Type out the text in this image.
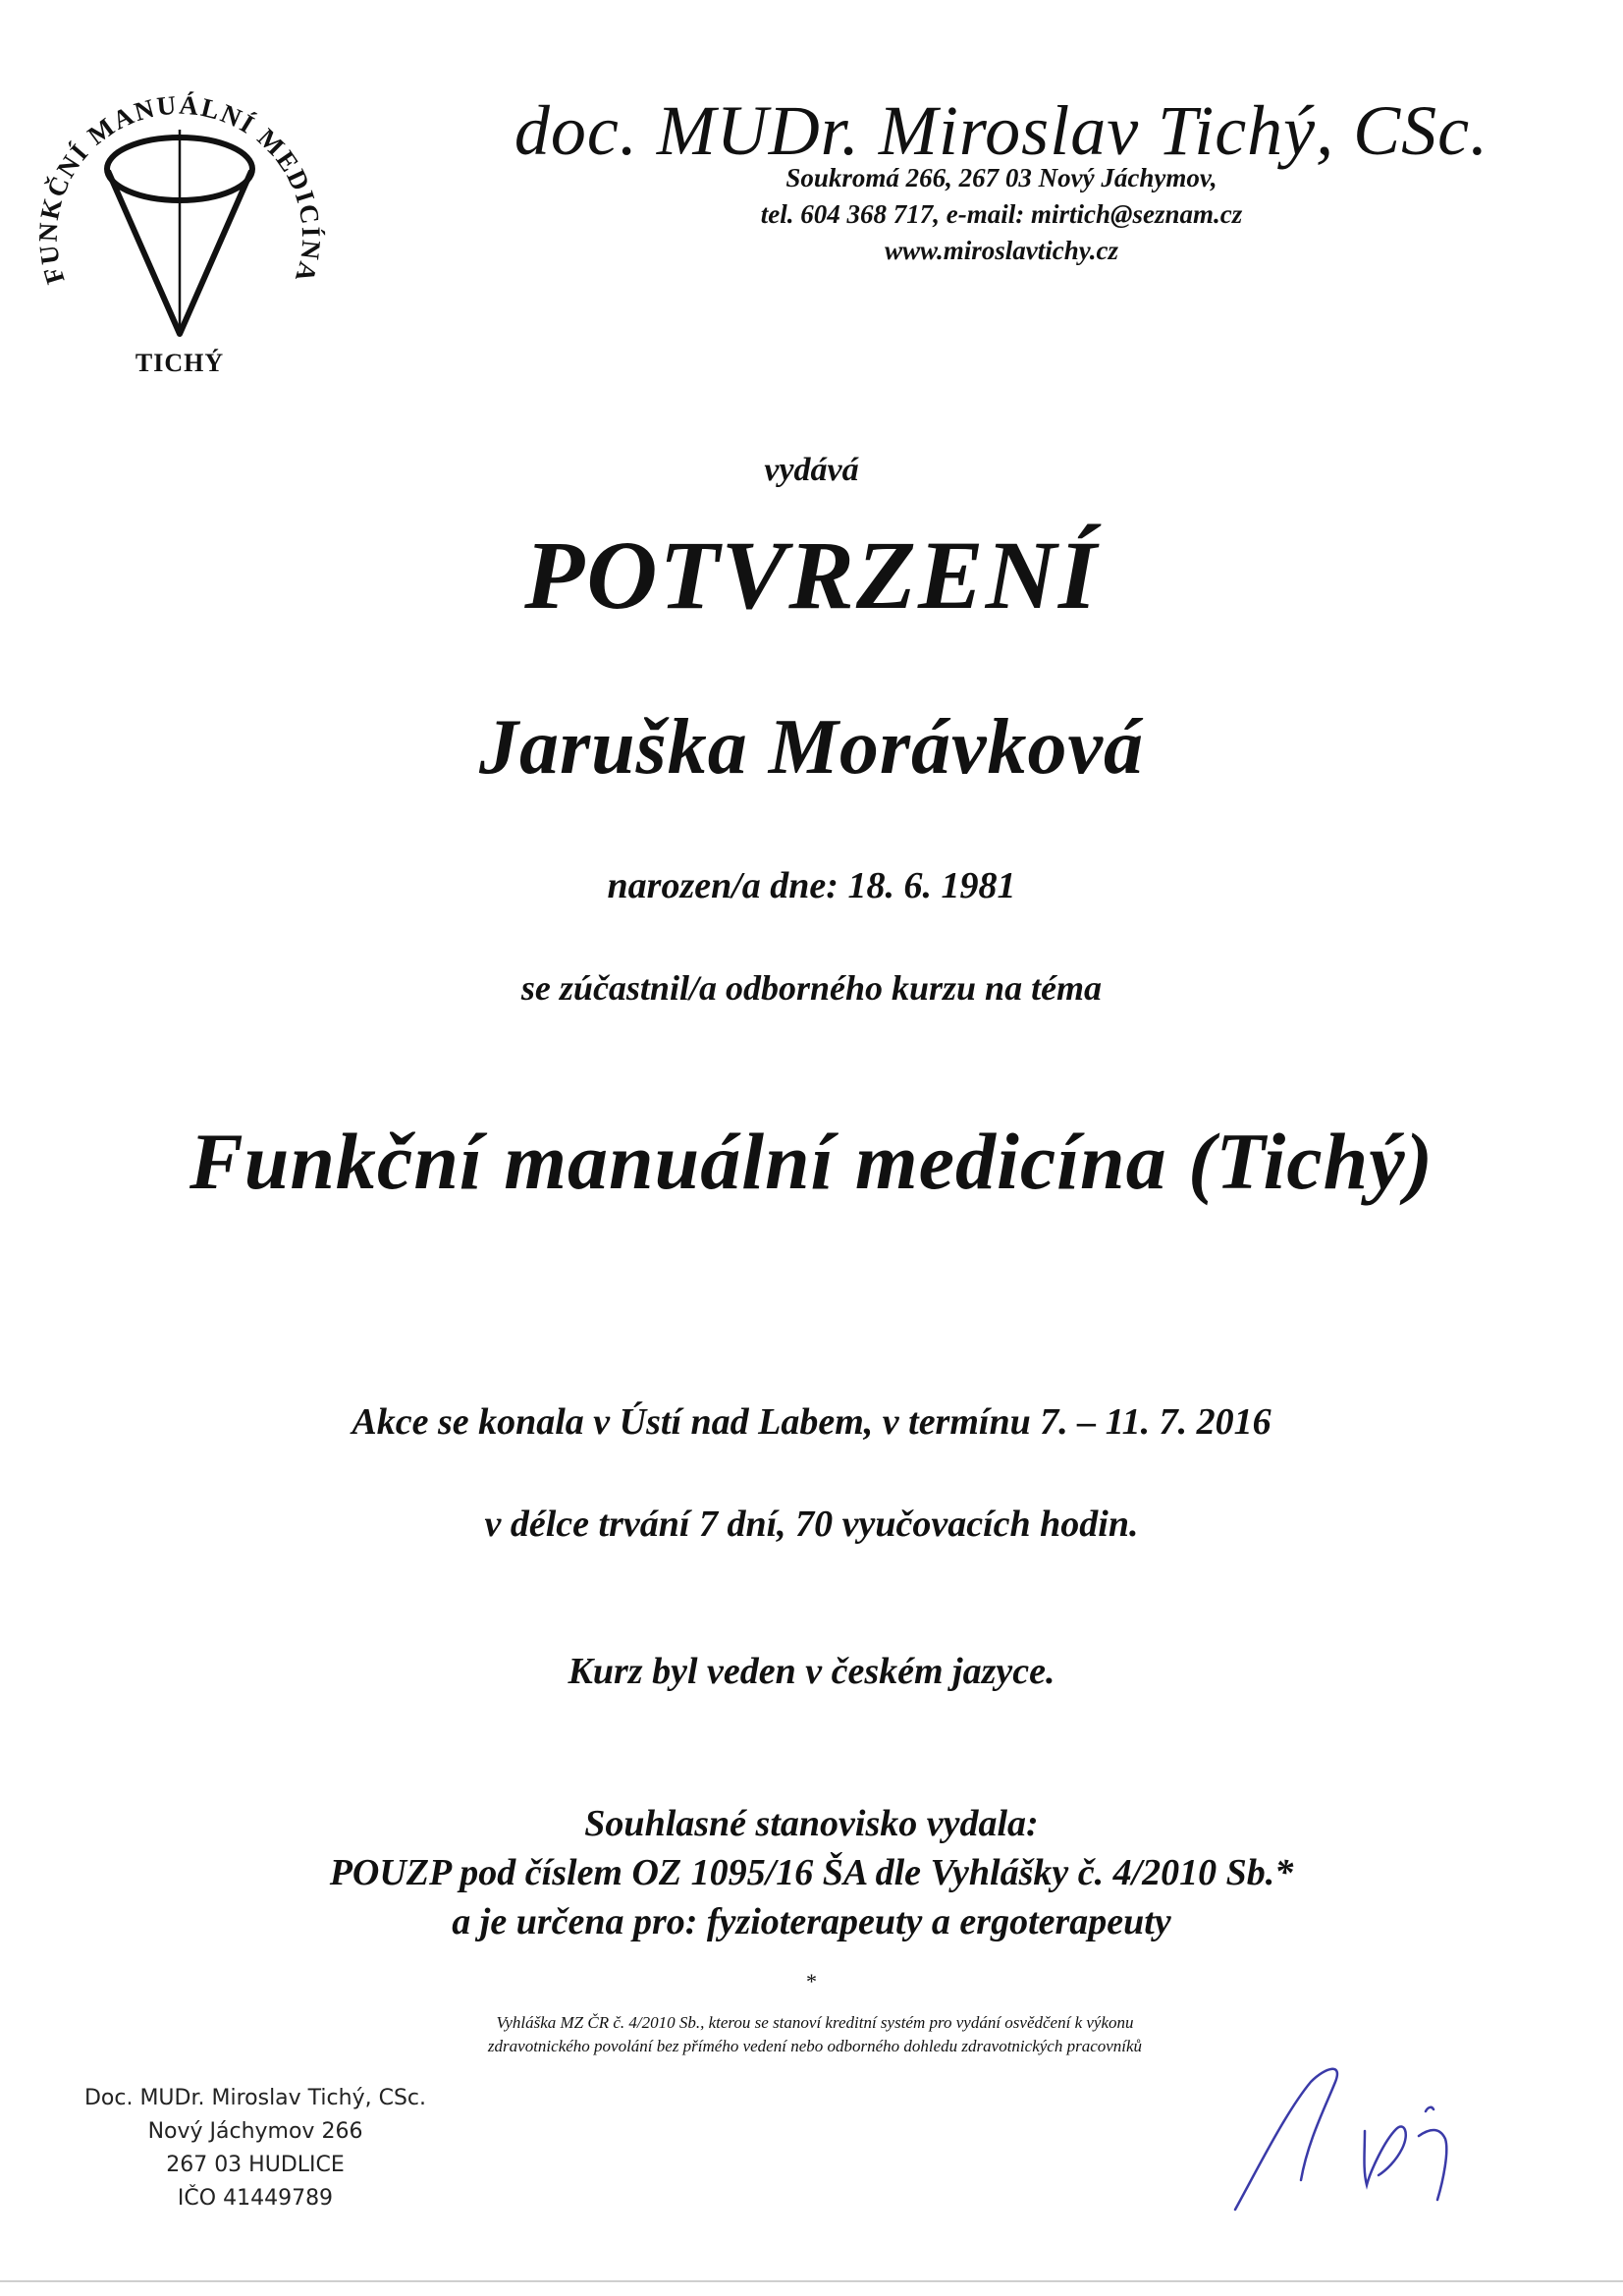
FUNKČNÍ MANUÁLNÍ MEDICÍNA
TICHÝ
doc. MUDr. Miroslav Tichý, CSc.
Soukromá 266, 267 03 Nový Jáchymov,
tel. 604 368 717, e-mail: mirtich@seznam.cz
www.miroslavtichy.cz
vydává
POTVRZENÍ
Jaruška Morávková
narozen/a dne: 18. 6. 1981
se zúčastnil/a odborného kurzu na téma
Funkční manuální medicína (Tichý)
Akce se konala v Ústí nad Labem, v termínu 7. – 11. 7. 2016
v délce trvání 7 dní, 70 vyučovacích hodin.
Kurz byl veden v českém jazyce.
Souhlasné stanovisko vydala:
POUZP pod číslem OZ 1095/16 ŠA dle Vyhlášky č. 4/2010 Sb.*
a je určena pro: fyzioterapeuty a ergoterapeuty
*
Vyhláška MZ ČR č. 4/2010 Sb., kterou se stanoví kreditní systém pro vydání osvědčení k výkonu
zdravotnického povolání bez přímého vedení nebo odborného dohledu zdravotnických pracovníků
Doc. MUDr. Miroslav Tichý, CSc.
Nový Jáchymov 266
267 03 HUDLICE
IČO 41449789
